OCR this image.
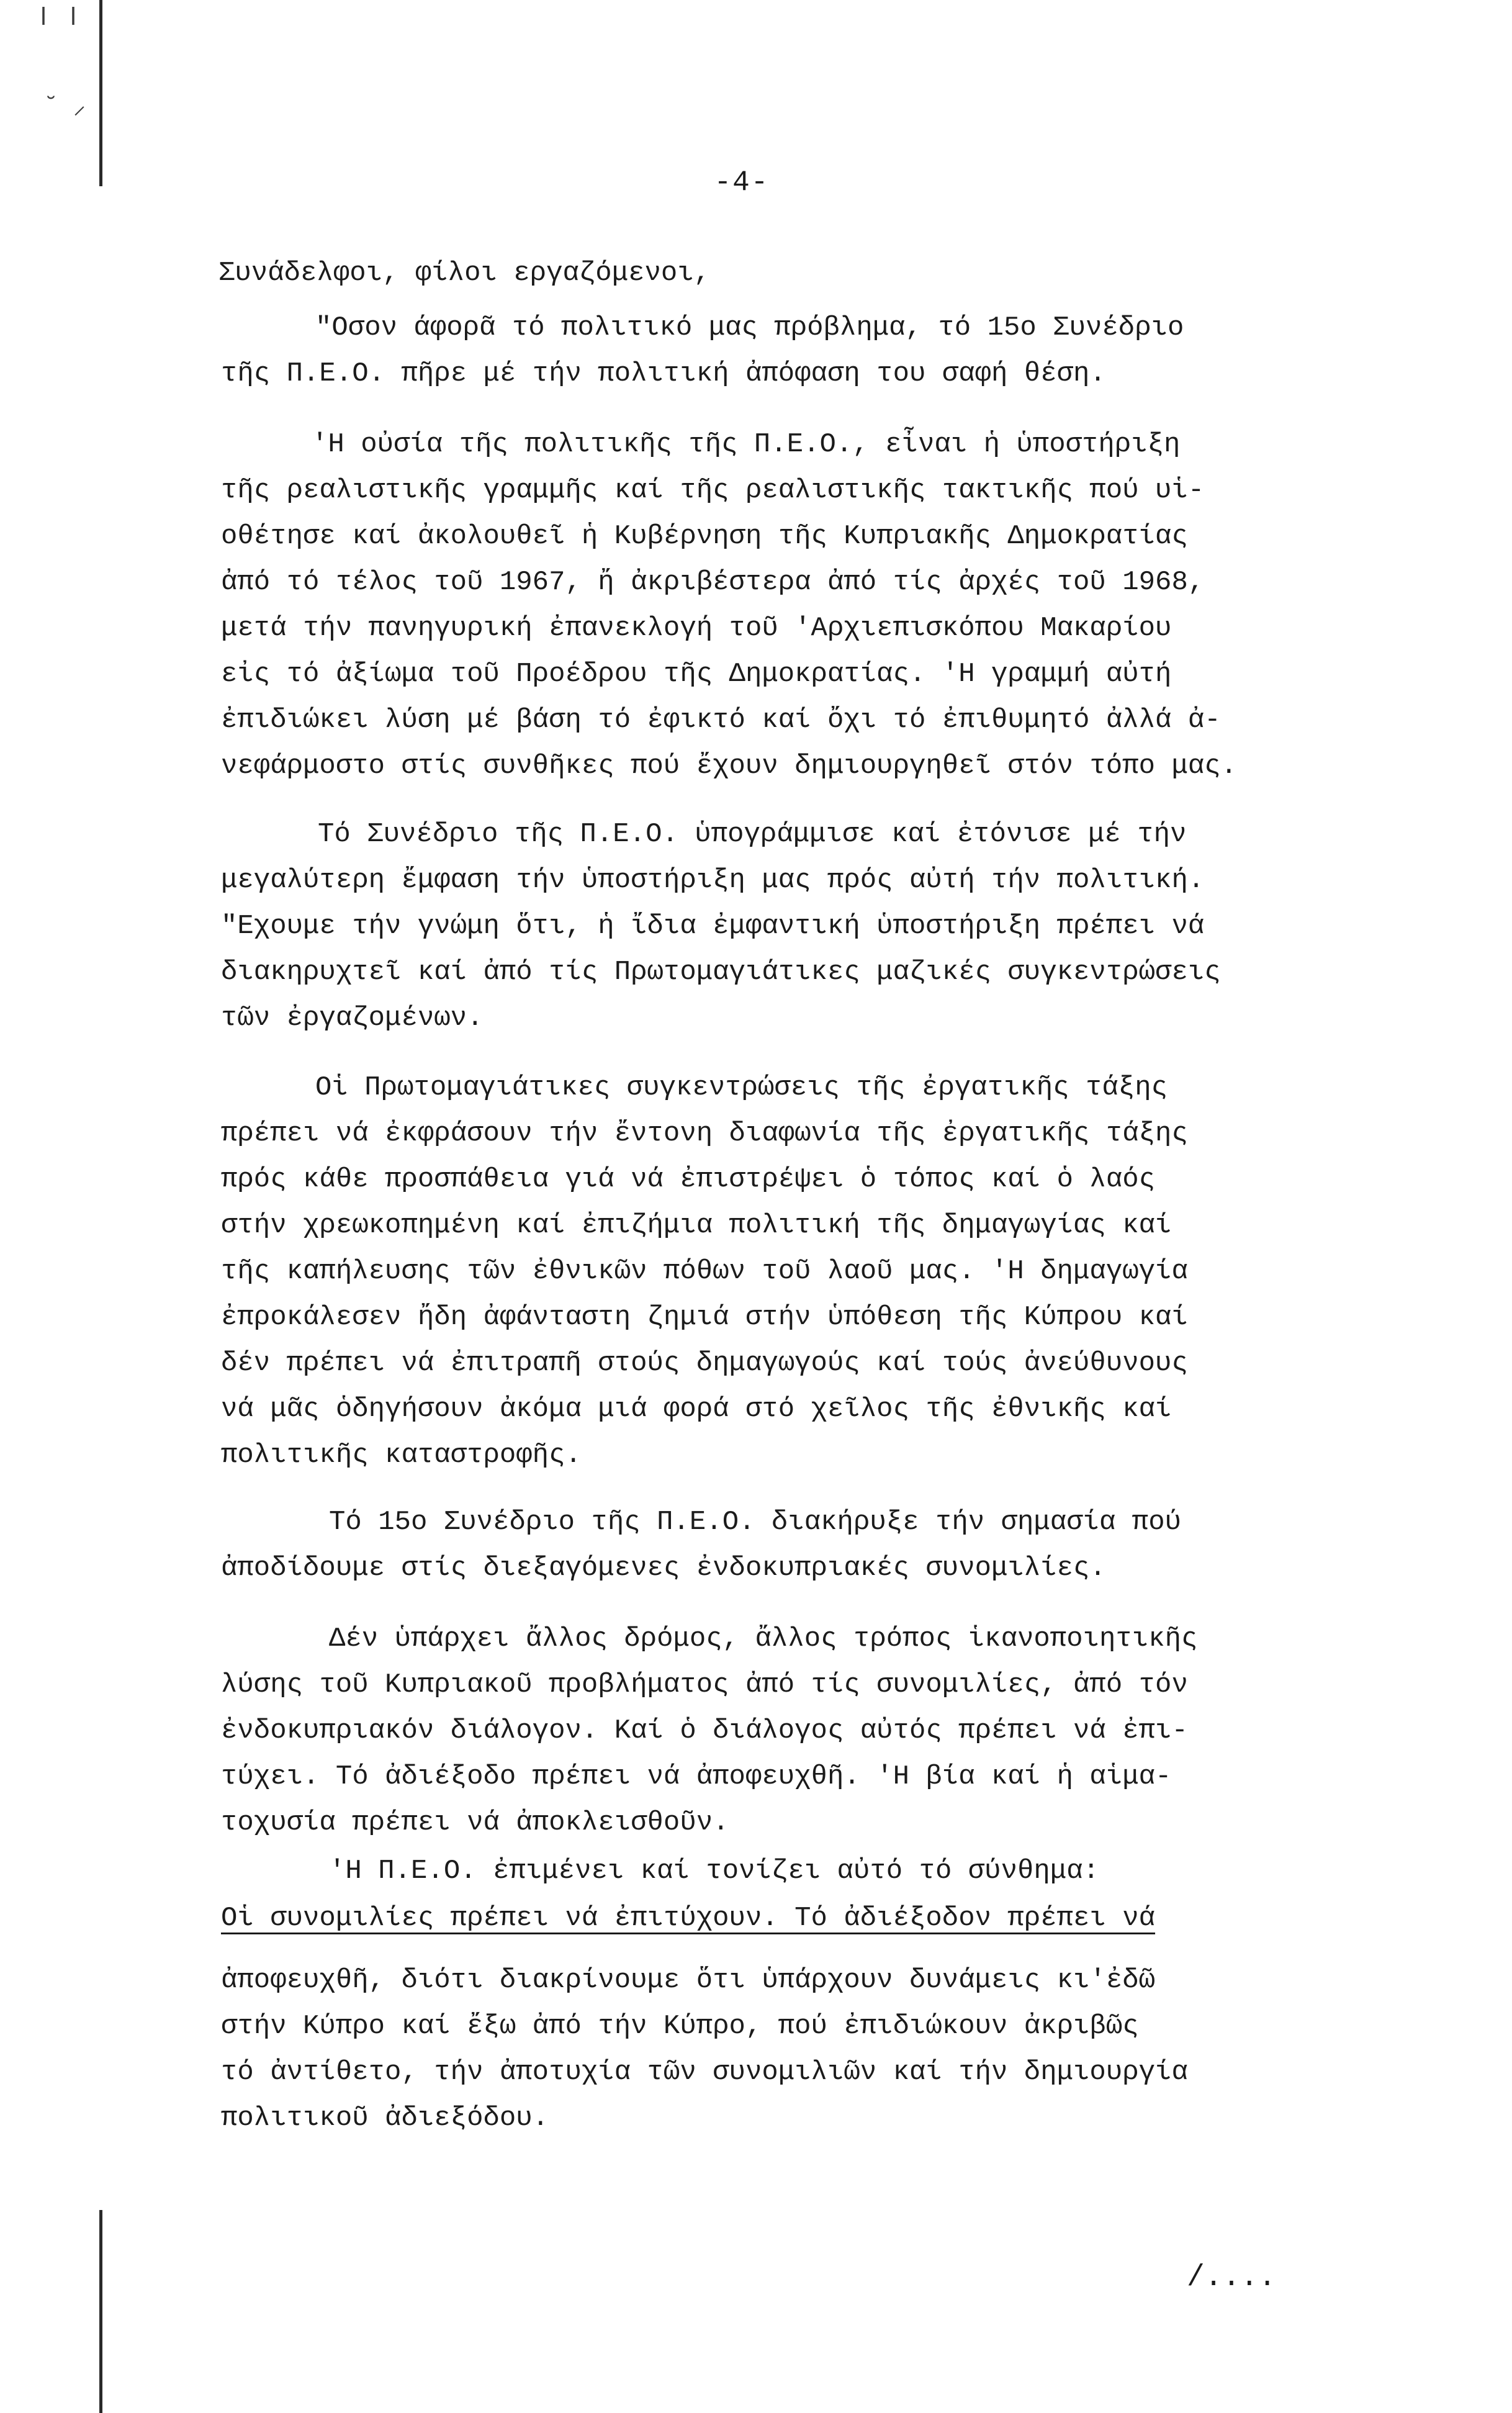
ǀ ǀ
˘ ⸝
-4-
Συνάδελφοι, φίλοι εργαζόμενοι,
"Οσον άφορᾶ τό πολιτικό μας πρόβλημα, τό 15ο Συνέδριο
τῆς Π.Ε.Ο. πῆρε μέ τήν πολιτική ἀπόφαση του σαφή θέση.
'Η οὐσία τῆς πολιτικῆς τῆς Π.Ε.Ο., εἶναι ἡ ὑποστήριξη
τῆς ρεαλιστικῆς γραμμῆς καί τῆς ρεαλιστικῆς τακτικῆς πού υἱ-
οθέτησε καί ἀκολουθεῖ ἡ Κυβέρνηση τῆς Κυπριακῆς Δημοκρατίας
ἀπό τό τέλος τοῦ 1967, ἤ ἀκριβέστερα ἀπό τίς ἀρχές τοῦ 1968,
μετά τήν πανηγυρική ἐπανεκλογή τοῦ 'Αρχιεπισκόπου Μακαρίου
εἰς τό ἀξίωμα τοῦ Προέδρου τῆς Δημοκρατίας. 'Η γραμμή αὐτή
ἐπιδιώκει λύση μέ βάση τό ἐφικτό καί ὄχι τό ἐπιθυμητό ἀλλά ἀ-
νεφάρμοστο στίς συνθῆκες πού ἔχουν δημιουργηθεῖ στόν τόπο μας.
Τό Συνέδριο τῆς Π.Ε.Ο. ὑπογράμμισε καί ἐτόνισε μέ τήν
μεγαλύτερη ἔμφαση τήν ὑποστήριξη μας πρός αὐτή τήν πολιτική.
"Εχουμε τήν γνώμη ὅτι, ἡ ἴδια ἐμφαντική ὑποστήριξη πρέπει νά
διακηρυχτεῖ καί ἀπό τίς Πρωτομαγιάτικες μαζικές συγκεντρώσεις
τῶν ἐργαζομένων.
Οἱ Πρωτομαγιάτικες συγκεντρώσεις τῆς ἐργατικῆς τάξης
πρέπει νά ἐκφράσουν τήν ἔντονη διαφωνία τῆς ἐργατικῆς τάξης
πρός κάθε προσπάθεια γιά νά ἐπιστρέψει ὁ τόπος καί ὁ λαός
στήν χρεωκοπημένη καί ἐπιζήμια πολιτική τῆς δημαγωγίας καί
τῆς καπήλευσης τῶν ἐθνικῶν πόθων τοῦ λαοῦ μας. 'Η δημαγωγία
ἐπροκάλεσεν ἤδη ἀφάνταστη ζημιά στήν ὑπόθεση τῆς Κύπρου καί
δέν πρέπει νά ἐπιτραπῆ στούς δημαγωγούς καί τούς ἀνεύθυνους
νά μᾶς ὁδηγήσουν ἀκόμα μιά φορά στό χεῖλος τῆς ἐθνικῆς καί
πολιτικῆς καταστροφῆς.
Τό 15ο Συνέδριο τῆς Π.Ε.Ο. διακήρυξε τήν σημασία πού
ἀποδίδουμε στίς διεξαγόμενες ἐνδοκυπριακές συνομιλίες.
Δέν ὑπάρχει ἄλλος δρόμος, ἄλλος τρόπος ἱκανοποιητικῆς
λύσης τοῦ Κυπριακοῦ προβλήματος ἀπό τίς συνομιλίες, ἀπό τόν
ἐνδοκυπριακόν διάλογον. Καί ὁ διάλογος αὐτός πρέπει νά ἐπι-
τύχει. Τό ἀδιέξοδο πρέπει νά ἀποφευχθῆ. 'Η βία καί ἡ αἱμα-
τοχυσία πρέπει νά ἀποκλεισθοῦν.
'Η Π.Ε.Ο. ἐπιμένει καί τονίζει αὐτό τό σύνθημα:
Οἱ συνομιλίες πρέπει νά ἐπιτύχουν. Τό ἀδιέξοδον πρέπει νά
ἀποφευχθῆ, διότι διακρίνουμε ὅτι ὑπάρχουν δυνάμεις κι'ἐδῶ
στήν Κύπρο καί ἔξω ἀπό τήν Κύπρο, πού ἐπιδιώκουν ἀκριβῶς
τό ἀντίθετο, τήν ἀποτυχία τῶν συνομιλιῶν καί τήν δημιουργία
πολιτικοῦ ἀδιεξόδου.
/....
